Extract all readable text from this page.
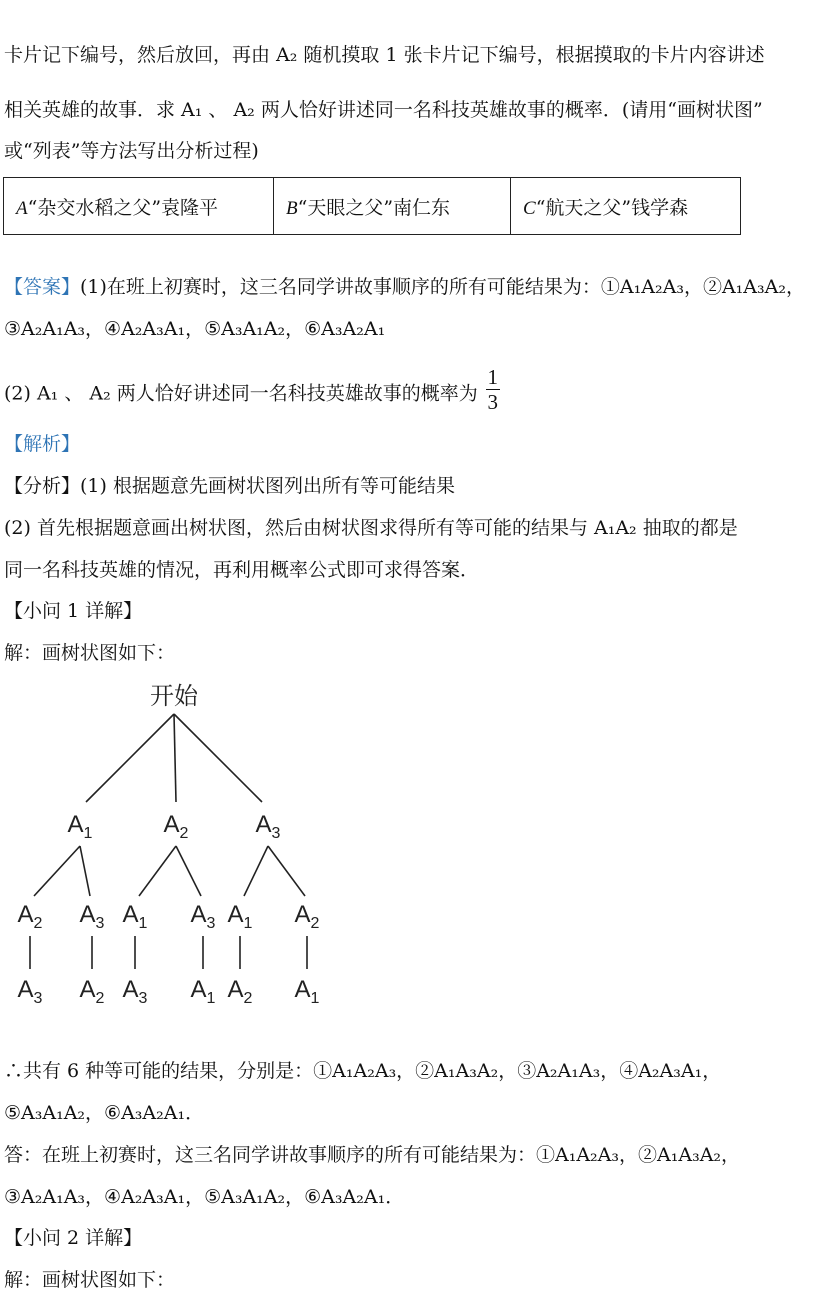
卡片记下编号，然后放回，再由 A₂ 随机摸取 1 张卡片记下编号，根据摸取的卡片内容讲述
相关英雄的故事．求 A₁ 、 A₂ 两人恰好讲述同一名科技英雄故事的概率．(请用“画树状图”
或“列表”等方法写出分析过程)
A“杂交水稻之父”袁隆平	B“天眼之父”南仁东	C“航天之父”钱学森
【答案】(1)在班上初赛时，这三名同学讲故事顺序的所有可能结果为：①A₁A₂A₃，②A₁A₃A₂，
③A₂A₁A₃，④A₂A₃A₁，⑤A₃A₁A₂，⑥A₃A₂A₁
(2) A₁ 、 A₂ 两人恰好讲述同一名科技英雄故事的概率为 $\frac{1}{3}$
【解析】
【分析】(1) 根据题意先画树状图列出所有等可能结果
(2) 首先根据题意画出树状图，然后由树状图求得所有等可能的结果与 A₁A₂ 抽取的都是
同一名科技英雄的情况，再利用概率公式即可求得答案．
【小问 1 详解】
解：画树状图如下：
开始
$A_1$	$A_2$	$A_3$
$A_2$ $A_3$ $A_1$ $A_3$ $A_1$ $A_2$
$A_3$ $A_2$ $A_3$ $A_1$ $A_2$ $A_1$
∴共有 6 种等可能的结果，分别是：①A₁A₂A₃，②A₁A₃A₂，③A₂A₁A₃，④A₂A₃A₁，
⑤A₃A₁A₂，⑥A₃A₂A₁．
答：在班上初赛时，这三名同学讲故事顺序的所有可能结果为：①A₁A₂A₃，②A₁A₃A₂，
③A₂A₁A₃，④A₂A₃A₁，⑤A₃A₁A₂，⑥A₃A₂A₁．
【小问 2 详解】
解：画树状图如下：
